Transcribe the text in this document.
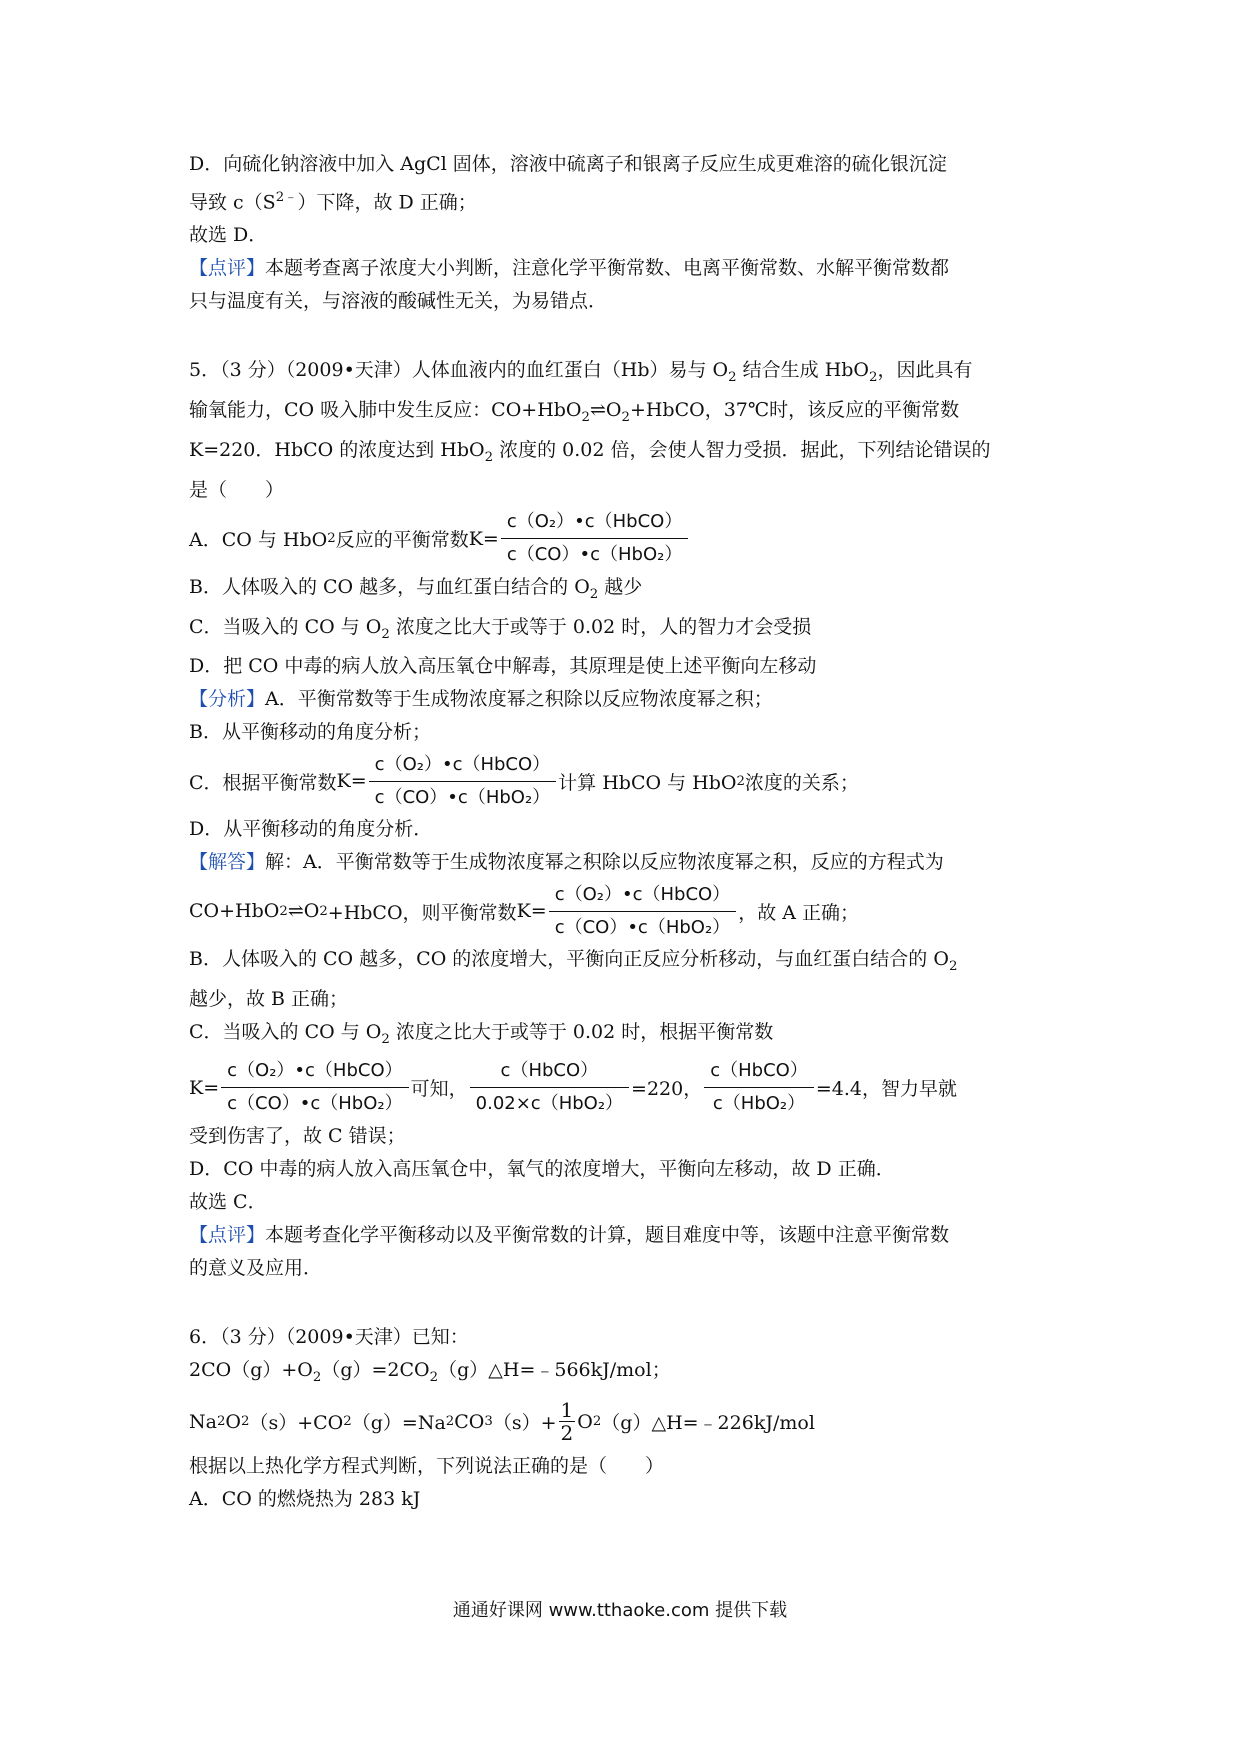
D．向硫化钠溶液中加入 AgCl 固体，溶液中硫离子和银离子反应生成更难溶的硫化银沉淀
导致 $c(S^{2﹣})$下降，故 D 正确；
故选 D．
【点评】本题考查离子浓度大小判断，注意化学平衡常数、电离平衡常数、水解平衡常数都
只与温度有关，与溶液的酸碱性无关，为易错点．
5．（3 分）（2009•天津）人体血液内的血红蛋白（Hb）易与 $O_2$ 结合生成 HbO$_2$，因此具有
输氧能力，CO 吸入肺中发生反应：$CO+HbO_2\rightleftharpoons O_2+HbCO$，37℃时，该反应的平衡常数
K=220．HbCO 的浓度达到 HbO$_2$ 浓度的 0.02 倍，会使人智力受损．据此，下列结论错误的
是（　　）
A．CO 与 HbO 2 反应的平衡常数 $K= \frac{\text{c（O₂）•c（HbCO）}}{\text{c（CO）•c（HbO₂）}}$
B．人体吸入的 CO 越多，与血红蛋白结合的 $O_2$ 越少
C．当吸入的 CO 与 $O_2$ 浓度之比大于或等于 0.02 时，人的智力才会受损
D．把 CO 中毒的病人放入高压氧仓中解毒，其原理是使上述平衡向左移动
【分析】A．平衡常数等于生成物浓度幂之积除以反应物浓度幂之积；
B．从平衡移动的角度分析；
C．根据平衡常数 $K= \frac{\text{c（O₂）•c（HbCO）}}{\text{c（CO）•c（HbO₂）}}$ 计算 HbCO 与 HbO 2 浓度的关系；
D．从平衡移动的角度分析．
【解答】解：A．平衡常数等于生成物浓度幂之积除以反应物浓度幂之积，反应的方程式为
CO+HbO 2 ⇌O 2 +HbCO，则平衡常数 $K= \frac{\text{c（O₂）•c（HbCO）}}{\text{c（CO）•c（HbO₂）}}$ ，故 A 正确；
B．人体吸入的 CO 越多，CO 的浓度增大，平衡向正反应分析移动，与血红蛋白结合的 $O_2$
越少，故 B 正确；
C．当吸入的 CO 与 $O_2$ 浓度之比大于或等于 0.02 时，根据平衡常数
$K= \frac{\text{c（O₂）•c（HbCO）}}{\text{c（CO）•c（HbO₂）}}$ 可知， $\frac{\text{c（HbCO）}}{\text{0.02×c（HbO₂）}} =220$， $\frac{\text{c（HbCO）}}{\text{c（HbO₂）}} =4.4$，智力早就
受到伤害了，故 C 错误；
D．CO 中毒的病人放入高压氧仓中，氧气的浓度增大，平衡向左移动，故 D 正确．
故选 C．
【点评】本题考查化学平衡移动以及平衡常数的计算，题目难度中等，该题中注意平衡常数
的意义及应用．
6．（3 分）（2009•天津）已知：
$2CO(g)+O_2(g)=2CO_2(g)\triangle H=﹣566kJ$/mol；
Na 2 O 2 （s）+CO 2 （g）=Na 2 CO 3 $(s)+ \frac{1}{2}$ O 2 （g）△H=﹣226kJ/mol
根据以上热化学方程式判断，下列说法正确的是（　　）
A．CO 的燃烧热为 283 kJ
通通好课网 www.tthaoke.com 提供下载
